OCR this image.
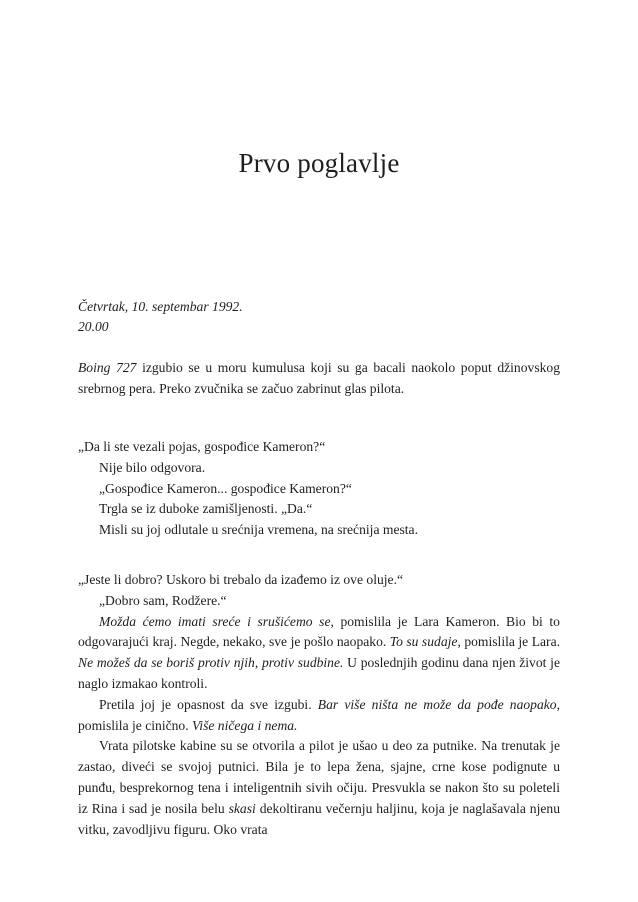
Prvo poglavlje
Četvrtak, 10. septembar 1992.
20.00

Boing 727 izgubio se u moru kumulusa koji su ga bacali naokolo poput džinovskog srebrnog pera. Preko zvučnika se začuo zabrinut glas pilota.

„Da li ste vezali pojas, gospođice Kameron?“

Nije bilo odgovora.

„Gospođice Kameron... gospođice Kameron?“

Trgla se iz duboke zamišljenosti. „Da.“

Misli su joj odlutale u srećnija vremena, na srećnija mesta.

„Jeste li dobro? Uskoro bi trebalo da izađemo iz ove oluje.“

„Dobro sam, Rodžere.“

Možda ćemo imati sreće i srušićemo se, pomislila je Lara Kameron. Bio bi to odgovarajući kraj. Negde, nekako, sve je pošlo naopako. To su sudaje, pomislila je Lara. Ne možeš da se boriš protiv njih, protiv sudbine. U poslednjih godinu dana njen život je naglo izmakao kontroli.

Pretila joj je opasnost da sve izgubi. Bar više ništa ne može da pođe naopako, pomislila je cinično. Više ničega i nema.

Vrata pilotske kabine su se otvorila a pilot je ušao u deo za putnike. Na trenutak je zastao, diveći se svojoj putnici. Bila je to lepa žena, sjajne, crne kose podignute u punđu, besprekornog tena i inteligentnih sivih očiju. Presvukla se nakon što su poleteli iz Rina i sad je nosila belu skasi dekoltiranu večernju haljinu, koja je naglašavala njenu vitku, zavodljivu figuru. Oko vrata
